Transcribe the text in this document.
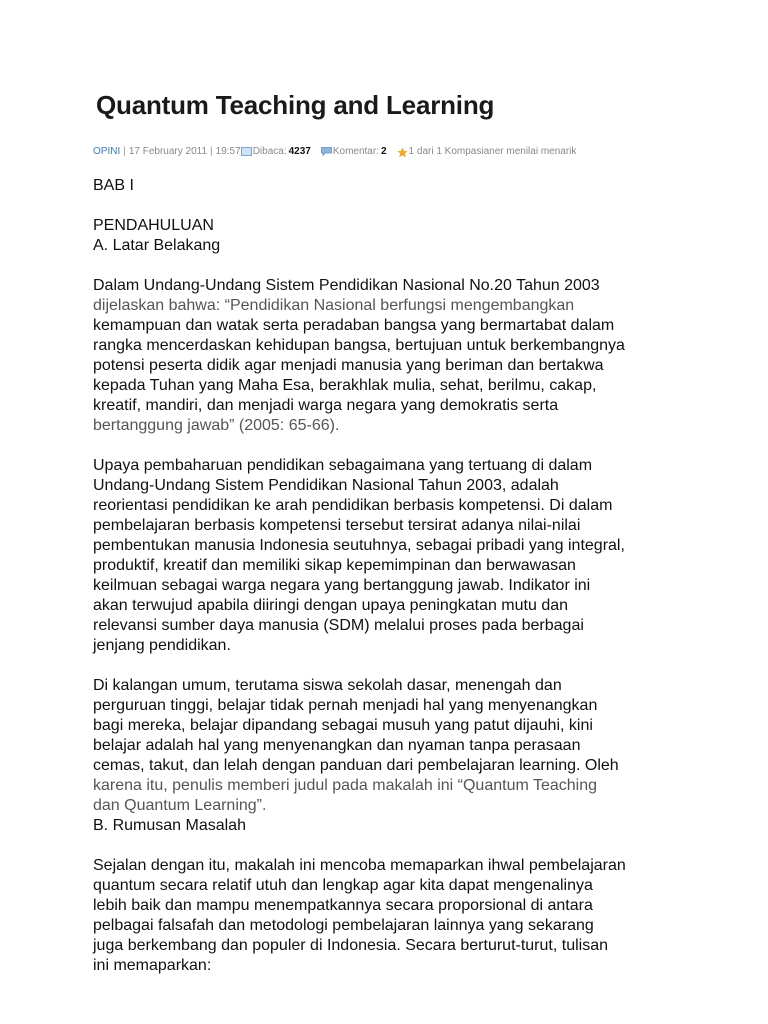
Quantum Teaching and Learning
OPINI | 17 February 2011 | 19:57 Dibaca: 4237 Komentar: 2 1 dari 1 Kompasianer menilai menarik

BAB I

PENDAHULUAN

A. Latar Belakang

Dalam Undang-Undang Sistem Pendidikan Nasional No.20 Tahun 2003

dijelaskan bahwa: “Pendidikan Nasional berfungsi mengembangkan

kemampuan dan watak serta peradaban bangsa yang bermartabat dalam

rangka mencerdaskan kehidupan bangsa, bertujuan untuk berkembangnya

potensi peserta didik agar menjadi manusia yang beriman dan bertakwa

kepada Tuhan yang Maha Esa, berakhlak mulia, sehat, berilmu, cakap,

kreatif, mandiri, dan menjadi warga negara yang demokratis serta

bertanggung jawab” (2005: 65-66).

Upaya pembaharuan pendidikan sebagaimana yang tertuang di dalam

Undang-Undang Sistem Pendidikan Nasional Tahun 2003, adalah

reorientasi pendidikan ke arah pendidikan berbasis kompetensi. Di dalam

pembelajaran berbasis kompetensi tersebut tersirat adanya nilai-nilai

pembentukan manusia Indonesia seutuhnya, sebagai pribadi yang integral,

produktif, kreatif dan memiliki sikap kepemimpinan dan berwawasan

keilmuan sebagai warga negara yang bertanggung jawab. Indikator ini

akan terwujud apabila diiringi dengan upaya peningkatan mutu dan

relevansi sumber daya manusia (SDM) melalui proses pada berbagai

jenjang pendidikan.

Di kalangan umum, terutama siswa sekolah dasar, menengah dan

perguruan tinggi, belajar tidak pernah menjadi hal yang menyenangkan

bagi mereka, belajar dipandang sebagai musuh yang patut dijauhi, kini

belajar adalah hal yang menyenangkan dan nyaman tanpa perasaan

cemas, takut, dan lelah dengan panduan dari pembelajaran learning. Oleh

karena itu, penulis memberi judul pada makalah ini “Quantum Teaching

dan Quantum Learning”.

B. Rumusan Masalah

Sejalan dengan itu, makalah ini mencoba memaparkan ihwal pembelajaran

quantum secara relatif utuh dan lengkap agar kita dapat mengenalinya

lebih baik dan mampu menempatkannya secara proporsional di antara

pelbagai falsafah dan metodologi pembelajaran lainnya yang sekarang

juga berkembang dan populer di Indonesia. Secara berturut-turut, tulisan

ini memaparkan:
